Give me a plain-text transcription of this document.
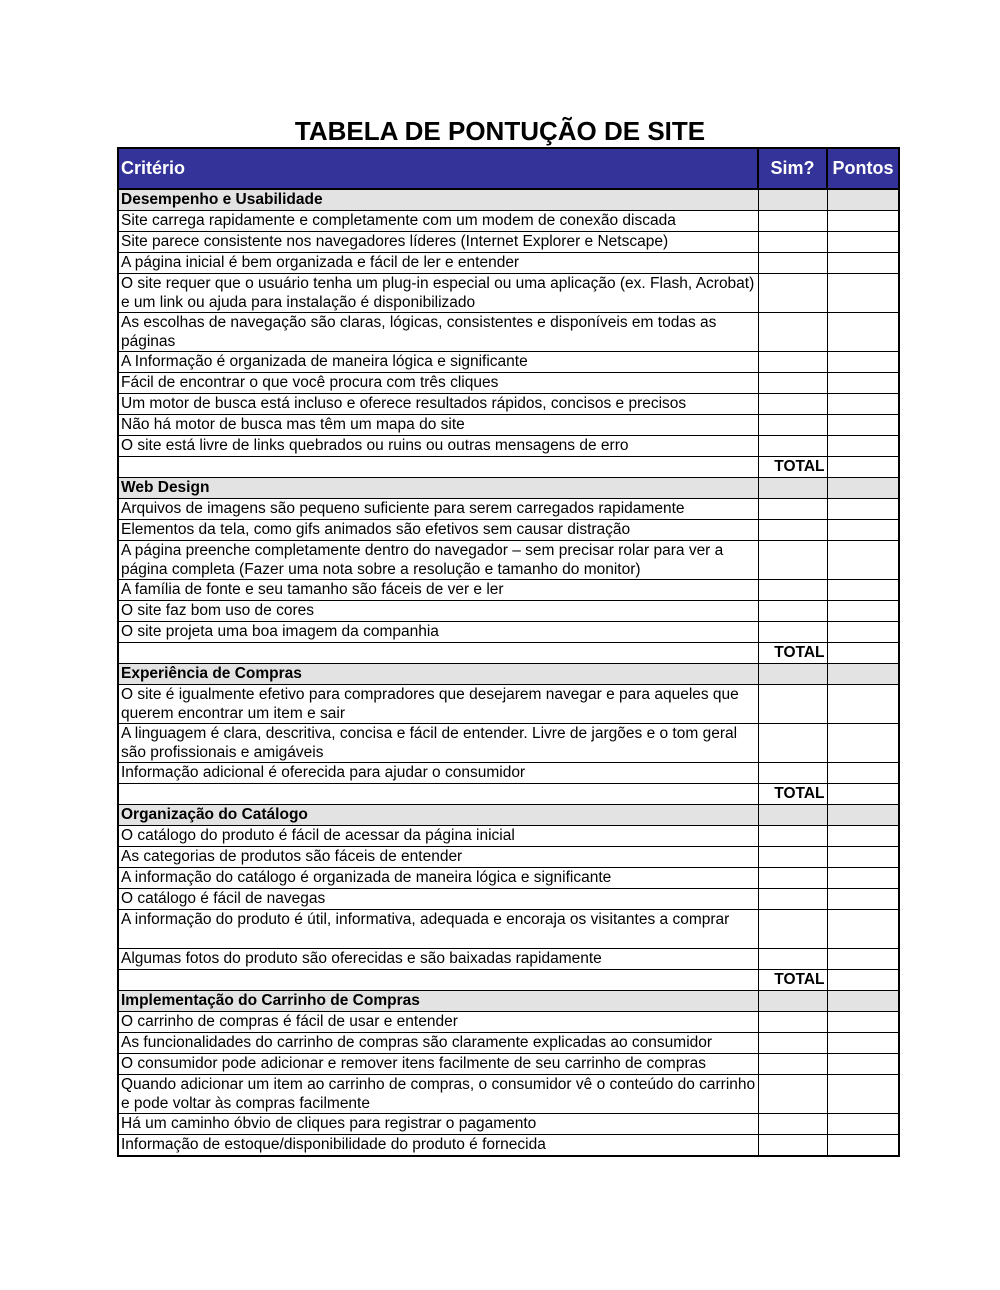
TABELA DE PONTUÇÃO DE SITE
Critério	Sim?	Pontos
Desempenho e Usabilidade		
Site carrega rapidamente e completamente com um modem de conexão discada		
Site parece consistente nos navegadores líderes (Internet Explorer e Netscape)		
A página inicial é bem organizada e fácil de ler e entender		
O site requer que o usuário tenha um plug-in especial ou uma aplicação (ex. Flash, Acrobat) e um link ou ajuda para instalação é disponibilizado		
As escolhas de navegação são claras, lógicas, consistentes e disponíveis em todas as páginas		
A Informação é organizada de maneira lógica e significante		
Fácil de encontrar o que você procura com três cliques		
Um motor de busca está incluso e oferece resultados rápidos, concisos e precisos		
Não há motor de busca mas têm um mapa do site		
O site está livre de links quebrados ou ruins ou outras mensagens de erro		
	TOTAL	
Web Design		
Arquivos de imagens são pequeno suficiente para serem carregados rapidamente		
Elementos da tela, como gifs animados são efetivos sem causar distração		
A página preenche completamente dentro do navegador – sem precisar rolar para ver a página completa (Fazer uma nota sobre a resolução e tamanho do monitor)		
A família de fonte e seu tamanho são fáceis de ver e ler		
O site faz bom uso de cores		
O site projeta uma boa imagem da companhia		
	TOTAL	
Experiência de Compras		
O site é igualmente efetivo para compradores que desejarem navegar e para aqueles que querem encontrar um item e sair		
A linguagem é clara, descritiva, concisa e fácil de entender. Livre de jargões e o tom geral são profissionais e amigáveis		
Informação adicional é oferecida para ajudar o consumidor		
	TOTAL	
Organização do Catálogo		
O catálogo do produto é fácil de acessar da página inicial		
As categorias de produtos são fáceis de entender		
A informação do catálogo é organizada de maneira lógica e significante		
O catálogo é fácil de navegas		
A informação do produto é útil, informativa, adequada e encoraja os visitantes a comprar		
Algumas fotos do produto são oferecidas e são baixadas rapidamente		
	TOTAL	
Implementação do Carrinho de Compras		
O carrinho de compras é fácil de usar e entender		
As funcionalidades do carrinho de compras são claramente explicadas ao consumidor		
O consumidor pode adicionar e remover itens facilmente de seu carrinho de compras		
Quando adicionar um item ao carrinho de compras, o consumidor vê o conteúdo do carrinho e pode voltar às compras facilmente		
Há um caminho óbvio de cliques para registrar o pagamento		
Informação de estoque/disponibilidade do produto é fornecida		
